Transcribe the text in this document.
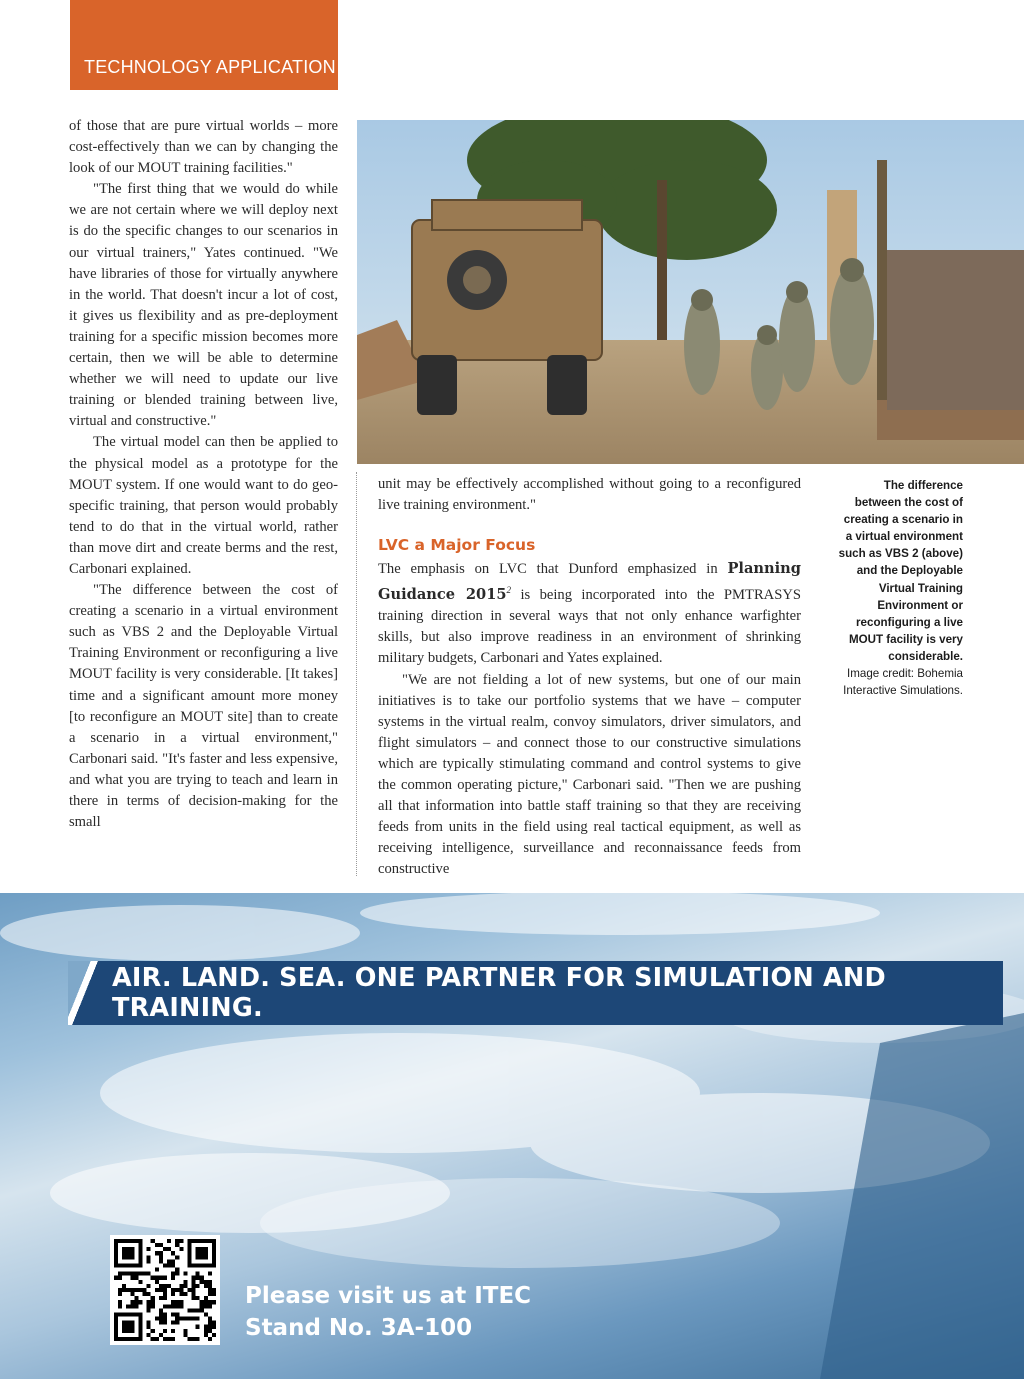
TECHNOLOGY APPLICATION

of those that are pure virtual worlds – more cost-effectively than we can by changing the look of our MOUT training facilities."

"The first thing that we would do while we are not certain where we will deploy next is do the specific changes to our scenarios in our virtual trainers," Yates continued. "We have libraries of those for virtually anywhere in the world. That doesn't incur a lot of cost, it gives us flexibility and as pre-deployment training for a specific mission becomes more certain, then we will be able to determine whether we will need to update our live training or blended training between live, virtual and constructive."

The virtual model can then be applied to the physical model as a prototype for the MOUT system. If one would want to do geo-specific training, that person would probably tend to do that in the virtual world, rather than move dirt and create berms and the rest, Carbonari explained.

"The difference between the cost of creating a scenario in a virtual environment such as VBS 2 and the Deployable Virtual Training Environment or reconfiguring a live MOUT facility is very considerable. [It takes] time and a significant amount more money [to reconfigure an MOUT site] than to create a scenario in a virtual environment," Carbonari said. "It's faster and less expensive, and what you are trying to teach and learn in there in terms of decision-making for the small

unit may be effectively accomplished without going to a reconfigured live training environment."

LVC a Major Focus

The emphasis on LVC that Dunford emphasized in Planning Guidance 2015$^2$ is being incorporated into the PMTRASYS training direction in several ways that not only enhance warfighter skills, but also improve readiness in an environment of shrinking military budgets, Carbonari and Yates explained.

"We are not fielding a lot of new systems, but one of our main initiatives is to take our portfolio systems that we have – computer systems in the virtual realm, convoy simulators, driver simulators, and flight simulators – and connect those to our constructive simulations which are typically stimulating command and control systems to give the common operating picture," Carbonari said. "Then we are pushing all that information into battle staff training so that they are receiving feeds from units in the field using real tactical equipment, as well as receiving intelligence, surveillance and reconnaissance feeds from constructive

The difference between the cost of creating a scenario in a virtual environment such as VBS 2 (above) and the Deployable Virtual Training Environment or reconfiguring a live MOUT facility is very considerable.
Image credit: Bohemia Interactive Simulations.
AIR. LAND. SEA. ONE PARTNER FOR SIMULATION AND TRAINING.
Please visit us at ITEC
Stand No. 3A-100
